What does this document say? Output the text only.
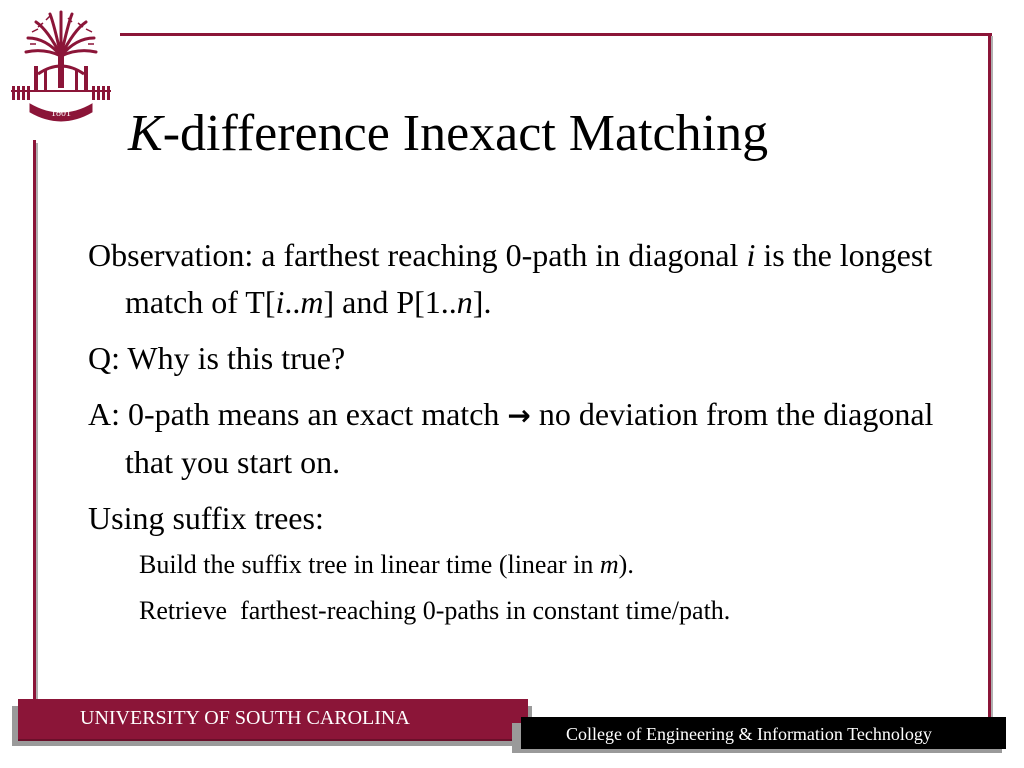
1801 K-difference Inexact Matching
Observation: a farthest reaching 0-path in diagonal i is the longest match of T[i..m] and P[1..n].
Q: Why is this true?
A: 0-path means an exact match → no deviation from the diagonal that you start on.
Using suffix trees:
Build the suffix tree in linear time (linear in m).
Retrieve  farthest-reaching 0-paths in constant time/path.
UNIVERSITY OF SOUTH CAROLINA
College of Engineering & Information Technology
